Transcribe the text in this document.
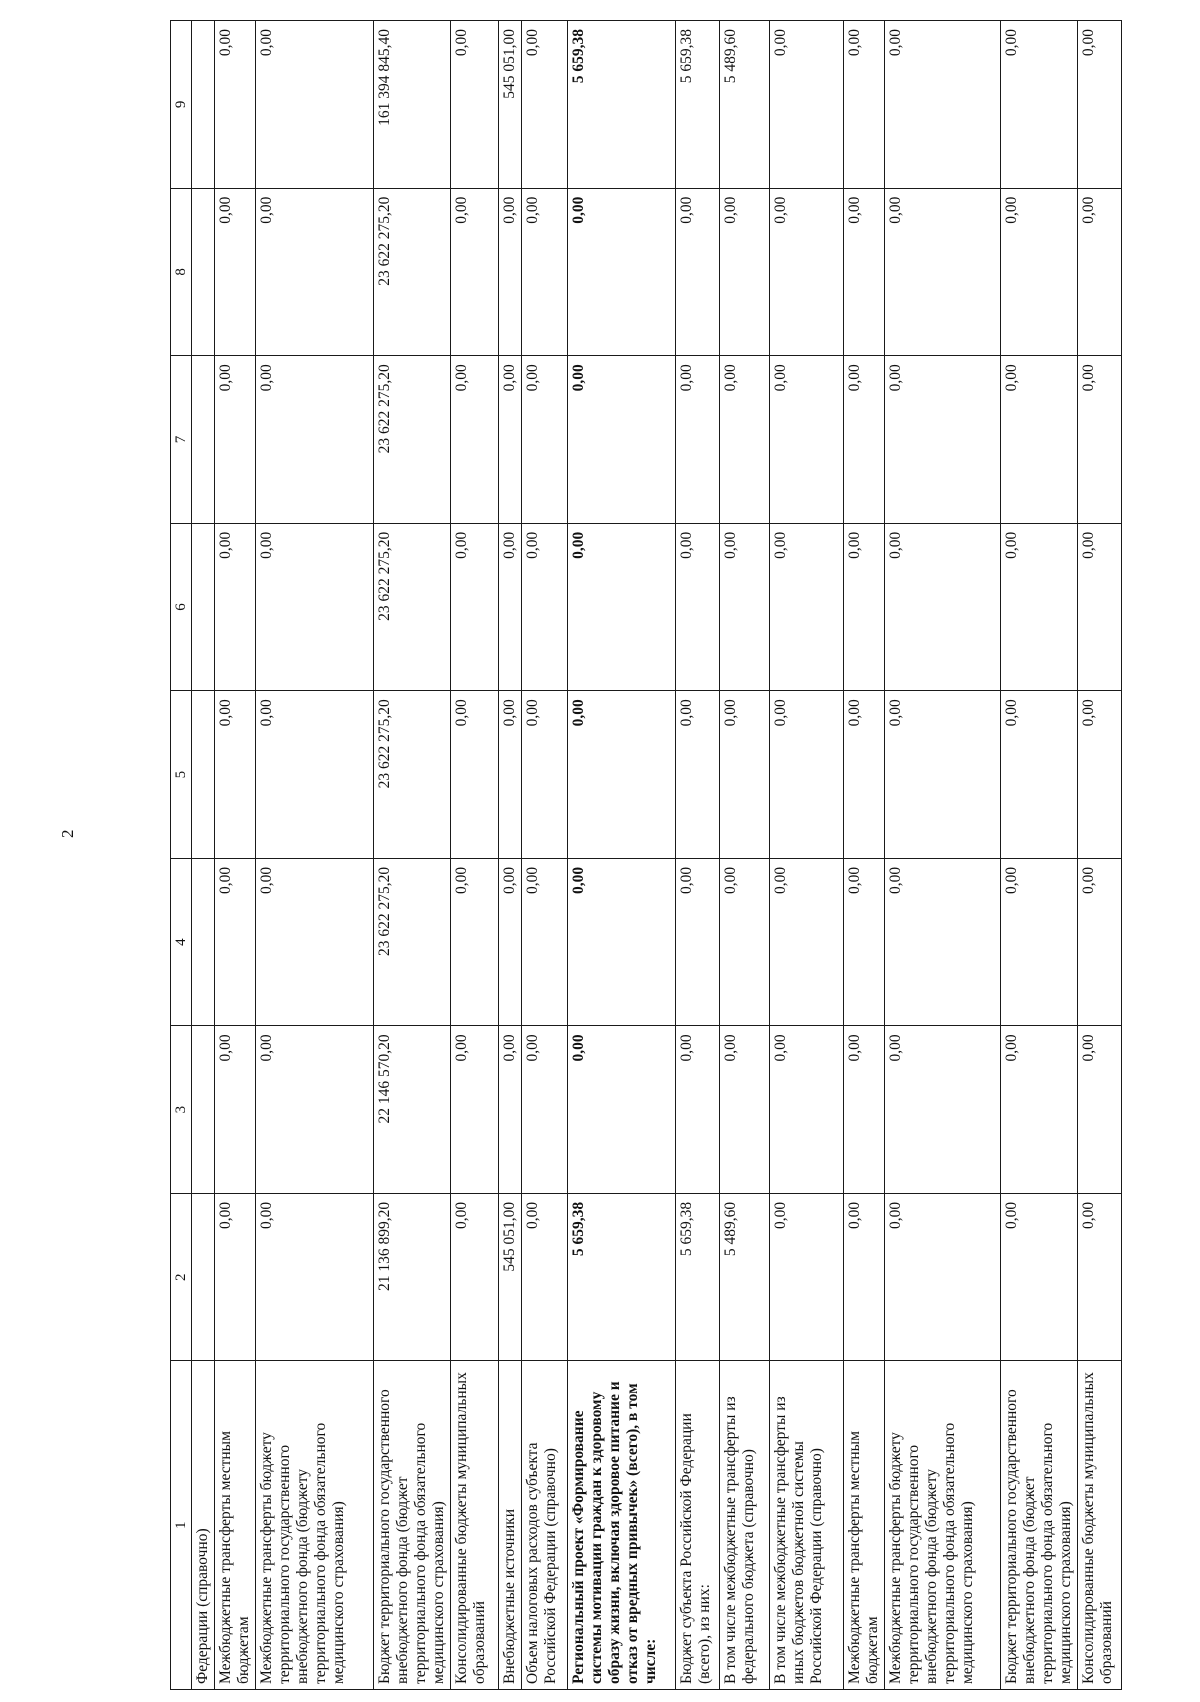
2
1	2	3	4	5	6	7	8	9
Федерации (справочно)								
Межбюджетные трансферты местным бюджетам	0,00	0,00	0,00	0,00	0,00	0,00	0,00	0,00
Межбюджетные трансферты бюджету территориального государственного внебюджетного фонда (бюджету территориального фонда обязательного медицинского страхования)	0,00	0,00	0,00	0,00	0,00	0,00	0,00	0,00
Бюджет территориального государственного внебюджетного фонда (бюджет территориального фонда обязательного медицинского страхования)	21 136 899,20	22 146 570,20	23 622 275,20	23 622 275,20	23 622 275,20	23 622 275,20	23 622 275,20	161 394 845,40
Консолидированные бюджеты муниципальных образований	0,00	0,00	0,00	0,00	0,00	0,00	0,00	0,00
Внебюджетные источники	545 051,00	0,00	0,00	0,00	0,00	0,00	0,00	545 051,00
Объем налоговых расходов субъекта Российской Федерации (справочно)	0,00	0,00	0,00	0,00	0,00	0,00	0,00	0,00
Региональный проект «Формирование системы мотивации граждан к здоровому образу жизни, включая здоровое питание и отказ от вредных привычек» (всего), в том числе:	5 659,38	0,00	0,00	0,00	0,00	0,00	0,00	5 659,38
Бюджет субъекта Российской Федерации (всего), из них:	5 659,38	0,00	0,00	0,00	0,00	0,00	0,00	5 659,38
В том числе межбюджетные трансферты из федерального бюджета (справочно)	5 489,60	0,00	0,00	0,00	0,00	0,00	0,00	5 489,60
В том числе межбюджетные трансферты из иных бюджетов бюджетной системы Российской Федерации (справочно)	0,00	0,00	0,00	0,00	0,00	0,00	0,00	0,00
Межбюджетные трансферты местным бюджетам	0,00	0,00	0,00	0,00	0,00	0,00	0,00	0,00
Межбюджетные трансферты бюджету территориального государственного внебюджетного фонда (бюджету территориального фонда обязательного медицинского страхования)	0,00	0,00	0,00	0,00	0,00	0,00	0,00	0,00
Бюджет территориального государственного внебюджетного фонда (бюджет территориального фонда обязательного медицинского страхования)	0,00	0,00	0,00	0,00	0,00	0,00	0,00	0,00
Консолидированные бюджеты муниципальных образований	0,00	0,00	0,00	0,00	0,00	0,00	0,00	0,00
